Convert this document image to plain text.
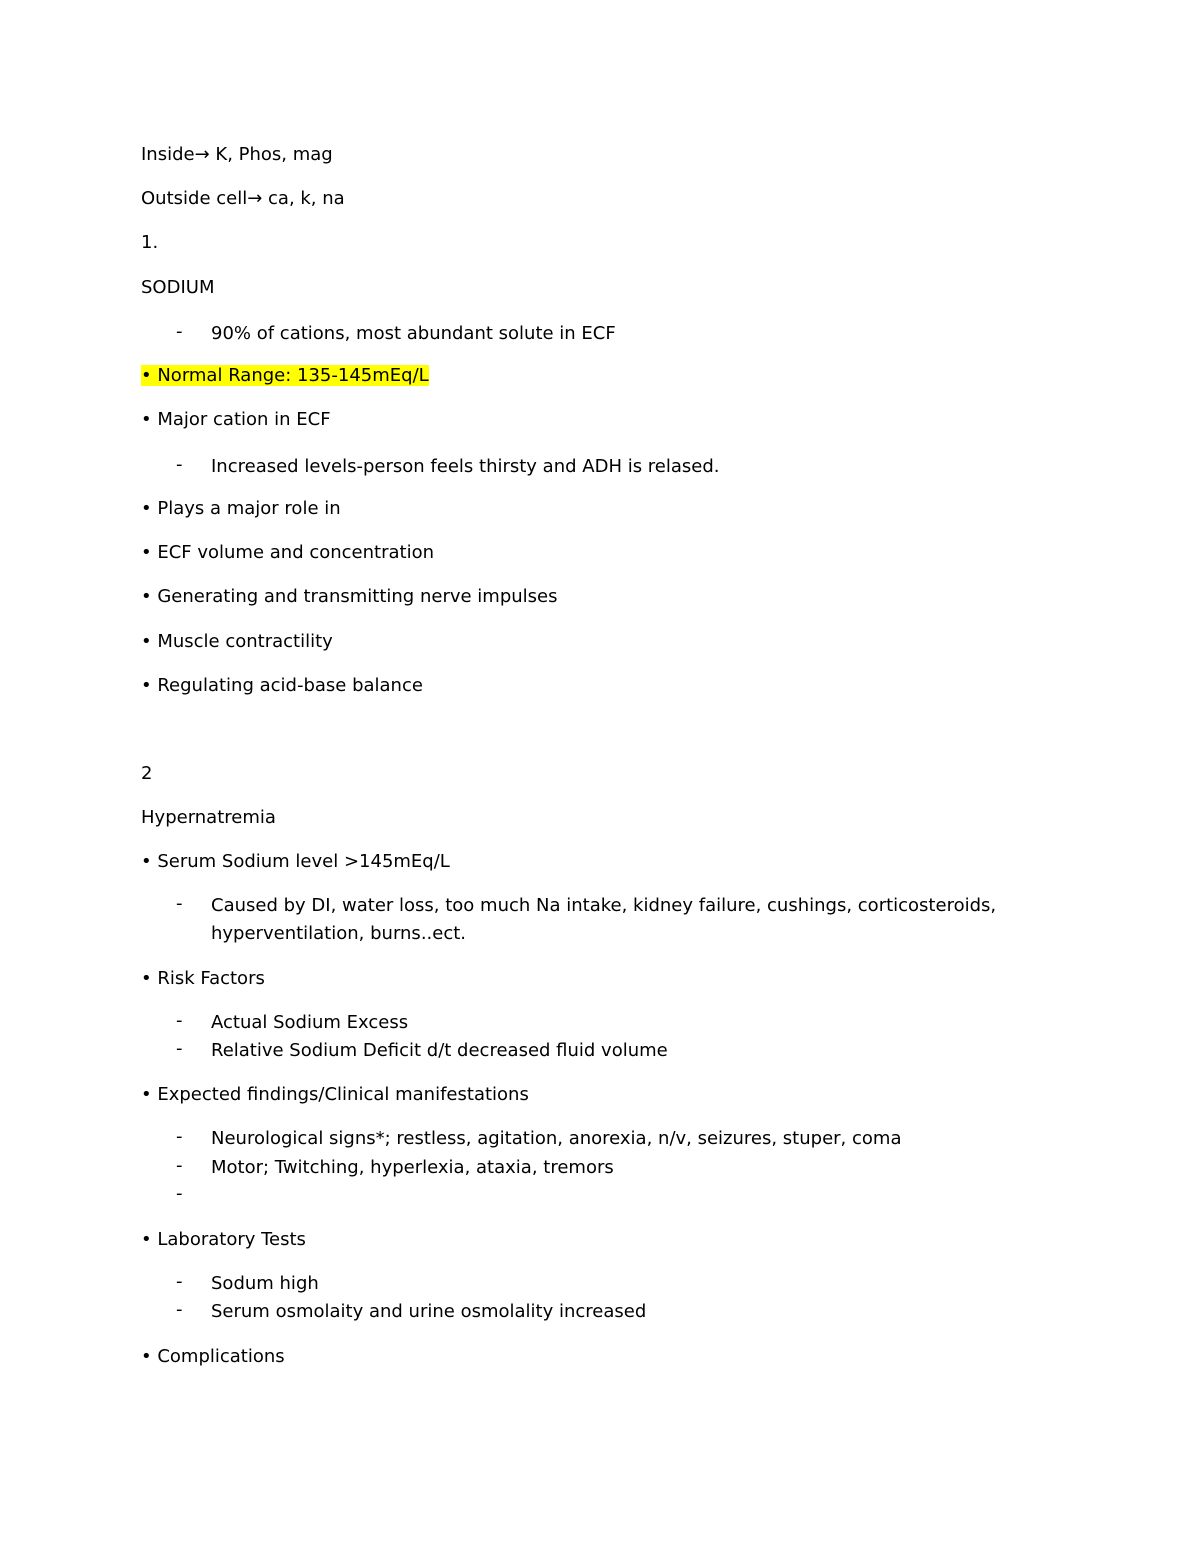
Inside→ K, Phos, mag
Outside cell→ ca, k, na
1.
SODIUM
- 90% of cations, most abundant solute in ECF
• Normal Range: 135-145mEq/L
• Major cation in ECF
- Increased levels-person feels thirsty and ADH is relased.
• Plays a major role in
• ECF volume and concentration
• Generating and transmitting nerve impulses
• Muscle contractility
• Regulating acid-base balance
2
Hypernatremia
• Serum Sodium level >145mEq/L
- Caused by DI, water loss, too much Na intake, kidney failure, cushings, corticosteroids, hyperventilation, burns..ect.
• Risk Factors
- Actual Sodium Excess
- Relative Sodium Deficit d/t decreased fluid volume
• Expected findings/Clinical manifestations
- Neurological signs*; restless, agitation, anorexia, n/v, seizures, stuper, coma
- Motor; Twitching, hyperlexia, ataxia, tremors
-
• Laboratory Tests
- Sodum high
- Serum osmolaity and urine osmolality increased
• Complications
